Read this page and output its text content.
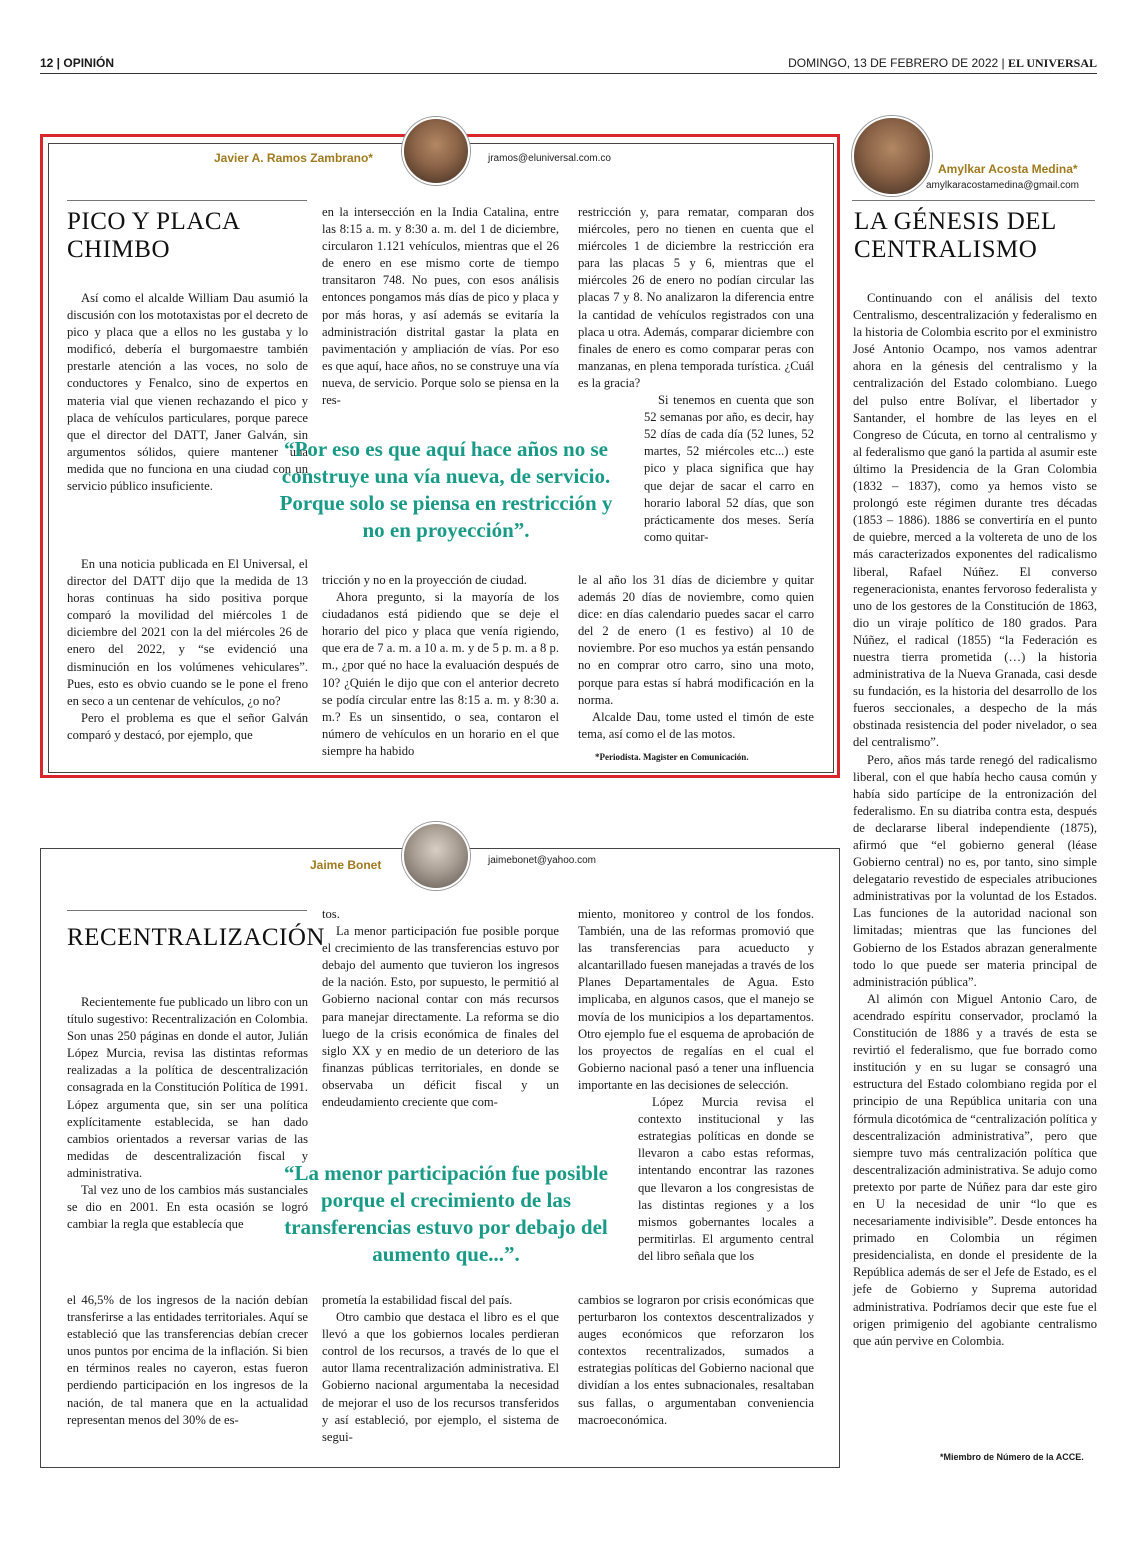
12 | OPINIÓN	DOMINGO, 13 DE FEBRERO DE 2022 | EL UNIVERSAL
Javier A. Ramos Zambrano*	jramos@eluniversal.com.co
PICO Y PLACA
CHIMBO

Así como el alcalde William Dau asumió la discusión con los mototaxistas por el decreto de pico y placa que a ellos no les gustaba y lo modificó, debería el burgomaestre también prestarle atención a las voces, no solo de conductores y Fenalco, sino de expertos en materia vial que vienen rechazando el pico y placa de vehículos particulares, porque parece que el director del DATT, Janer Galván, sin argumentos sólidos, quiere mantener una medida que no funciona en una ciudad con un servicio público insuficiente.

En una noticia publicada en El Universal, el director del DATT dijo que la medida de 13 horas continuas ha sido positiva porque comparó la movilidad del miércoles 1 de diciembre del 2021 con la del miércoles 26 de enero del 2022, y “se evidenció una disminución en los volúmenes vehiculares”. Pues, esto es obvio cuando se le pone el freno en seco a un centenar de vehículos, ¿o no?

Pero el problema es que el señor Galván comparó y destacó, por ejemplo, que

en la intersección en la India Catalina, entre las 8:15 a. m. y 8:30 a. m. del 1 de diciembre, circularon 1.121 vehículos, mientras que el 26 de enero en ese mismo corte de tiempo transitaron 748. No pues, con esos análisis entonces pongamos más días de pico y placa y por más horas, y así además se evitaría la administración distrital gastar la plata en pavimentación y ampliación de vías. Por eso es que aquí, hace años, no se construye una vía nueva, de servicio. Porque solo se piensa en la res-

tricción y no en la proyección de ciudad.

Ahora pregunto, si la mayoría de los ciudadanos está pidiendo que se deje el horario del pico y placa que venía rigiendo, que era de 7 a. m. a 10 a. m. y de 5 p. m. a 8 p. m., ¿por qué no hace la evaluación después de 10? ¿Quién le dijo que con el anterior decreto se podía circular entre las 8:15 a. m. y 8:30 a. m.? Es un sinsentido, o sea, contaron el número de vehículos en un horario en el que siempre ha habido

restricción y, para rematar, comparan dos miércoles, pero no tienen en cuenta que el miércoles 1 de diciembre la restricción era para las placas 5 y 6, mientras que el miércoles 26 de enero no podían circular las placas 7 y 8. No analizaron la diferencia entre la cantidad de vehículos registrados con una placa u otra. Además, comparar diciembre con finales de enero es como comparar peras con manzanas, en plena temporada turística. ¿Cuál es la gracia?

Si tenemos en cuenta que son 52 semanas por año, es decir, hay 52 días de cada día (52 lunes, 52 martes, 52 miércoles etc...) este pico y placa significa que hay que dejar de sacar el carro en horario laboral 52 días, que son prácticamente dos meses. Sería como quitar-

le al año los 31 días de diciembre y quitar además 20 días de noviembre, como quien dice: en días calendario puedes sacar el carro del 2 de enero (1 es festivo) al 10 de noviembre. Por eso muchos ya están pensando no en comprar otro carro, sino una moto, porque para estas sí habrá modificación en la norma.

Alcalde Dau, tome usted el timón de este tema, así como el de las motos.

“Por eso es que aquí hace años no se construye una vía nueva, de servicio. Porque solo se piensa en restricción y no en proyección”.
*Periodista. Magister en Comunicación.
Jaime Bonet	jaimebonet@yahoo.com
RECENTRALIZACIÓN

Recientemente fue publicado un libro con un título sugestivo: Recentralización en Colombia. Son unas 250 páginas en donde el autor, Julián López Murcia, revisa las distintas reformas realizadas a la política de descentralización consagrada en la Constitución Política de 1991. López argumenta que, sin ser una política explícitamente establecida, se han dado cambios orientados a reversar varias de las medidas de descentralización fiscal y administrativa.

Tal vez uno de los cambios más sustanciales se dio en 2001. En esta ocasión se logró cambiar la regla que establecía que

el 46,5% de los ingresos de la nación debían transferirse a las entidades territoriales. Aquí se estableció que las transferencias debían crecer unos puntos por encima de la inflación. Si bien en términos reales no cayeron, estas fueron perdiendo participación en los ingresos de la nación, de tal manera que en la actualidad representan menos del 30% de es-

tos.

La menor participación fue posible porque el crecimiento de las transferencias estuvo por debajo del aumento que tuvieron los ingresos de la nación. Esto, por supuesto, le permitió al Gobierno nacional contar con más recursos para manejar directamente. La reforma se dio luego de la crisis económica de finales del siglo XX y en medio de un deterioro de las finanzas públicas territoriales, en donde se observaba un déficit fiscal y un endeudamiento creciente que com-

prometía la estabilidad fiscal del país.

Otro cambio que destaca el libro es el que llevó a que los gobiernos locales perdieran control de los recursos, a través de lo que el autor llama recentralización administrativa. El Gobierno nacional argumentaba la necesidad de mejorar el uso de los recursos transferidos y así estableció, por ejemplo, el sistema de segui-

miento, monitoreo y control de los fondos. También, una de las reformas promovió que las transferencias para acueducto y alcantarillado fuesen manejadas a través de los Planes Departamentales de Agua. Esto implicaba, en algunos casos, que el manejo se movía de los municipios a los departamentos. Otro ejemplo fue el esquema de aprobación de los proyectos de regalías en el cual el Gobierno nacional pasó a tener una influencia importante en las decisiones de selección.

López Murcia revisa el contexto institucional y las estrategias políticas en donde se llevaron a cabo estas reformas, intentando encontrar las razones que llevaron a los congresistas de las distintas regiones y a los mismos gobernantes locales a permitirlas. El argumento central del libro señala que los

cambios se lograron por crisis económicas que perturbaron los contextos descentralizados y auges económicos que reforzaron los contextos recentralizados, sumados a estrategias políticas del Gobierno nacional que dividían a los entes subnacionales, resaltaban sus fallas, o argumentaban conveniencia macroeconómica.

“La menor participación fue posible porque el crecimiento de las transferencias estuvo por debajo del aumento que...”.
Amylkar Acosta Medina*
amylkaracostamedina@gmail.com
LA GÉNESIS DEL
CENTRALISMO

Continuando con el análisis del texto Centralismo, descentralización y federalismo en la historia de Colombia escrito por el exministro José Antonio Ocampo, nos vamos adentrar ahora en la génesis del centralismo y la centralización del Estado colombiano. Luego del pulso entre Bolívar, el libertador y Santander, el hombre de las leyes en el Congreso de Cúcuta, en torno al centralismo y al federalismo que ganó la partida al asumir este último la Presidencia de la Gran Colombia (1832 – 1837), como ya hemos visto se prolongó este régimen durante tres décadas (1853 – 1886). 1886 se convertiría en el punto de quiebre, merced a la voltereta de uno de los más caracterizados exponentes del radicalismo liberal, Rafael Núñez. El converso regeneracionista, enantes fervoroso federalista y uno de los gestores de la Constitución de 1863, dio un viraje político de 180 grados. Para Núñez, el radical (1855) “la Federación es nuestra tierra prometida (…) la historia administrativa de la Nueva Granada, casi desde su fundación, es la historia del desarrollo de los fueros seccionales, a despecho de la más obstinada resistencia del poder nivelador, o sea del centralismo”.

Pero, años más tarde renegó del radicalismo liberal, con el que había hecho causa común y había sido partícipe de la entronización del federalismo. En su diatriba contra esta, después de declararse liberal independiente (1875), afirmó que “el gobierno general (léase Gobierno central) no es, por tanto, sino simple delegatario revestido de especiales atribuciones administrativas por la voluntad de los Estados. Las funciones de la autoridad nacional son limitadas; mientras que las funciones del Gobierno de los Estados abrazan generalmente todo lo que puede ser materia principal de administración pública”.

Al alimón con Miguel Antonio Caro, de acendrado espíritu conservador, proclamó la Constitución de 1886 y a través de esta se revirtió el federalismo, que fue borrado como institución y en su lugar se consagró una estructura del Estado colombiano regida por el principio de una República unitaria con una fórmula dicotómica de “centralización política y descentralización administrativa”, pero que siempre tuvo más centralización política que descentralización administrativa. Se adujo como pretexto por parte de Núñez para dar este giro en U la necesidad de unir “lo que es necesariamente indivisible”. Desde entonces ha primado en Colombia un régimen presidencialista, en donde el presidente de la República además de ser el Jefe de Estado, es el jefe de Gobierno y Suprema autoridad administrativa. Podríamos decir que este fue el origen primigenio del agobiante centralismo que aún pervive en Colombia.

*Miembro de Número de la ACCE.
